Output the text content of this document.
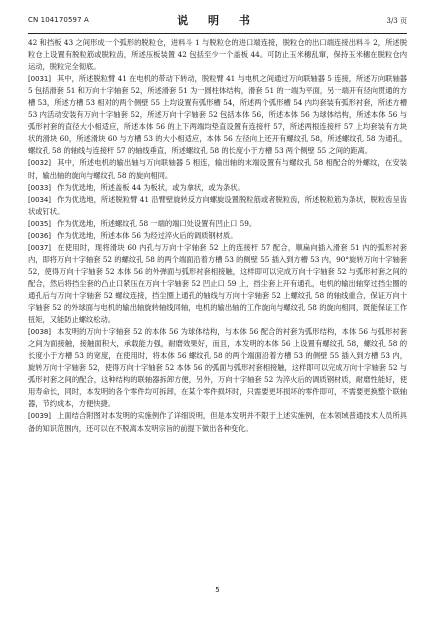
CN 104170597 A	说 明 书	3/3 页

42 和挡板 43 之间形成一个弧形的脱粒仓，进料斗 1 与脱粒仓的进口端连接，脱粒仓的出口端连接出料斗 2，所述脱粒仓上设置有脱粒筋或脱粒齿，所述压板装置 42 包括至少一个盖板 44。可防止玉米穗乱窜，保持玉米穗在脱粒仓内运动，脱粒完全彻底。

[0031] 其中，所述脱粒臂 41 在电机的带动下转动，脱粒臂 41 与电机之间通过万向联轴器 5 连接，所述万向联轴器 5 包括滑套 51 和万向十字轴套 52，所述滑套 51 为一圆柱体结构，滑套 51 的一端为平面，另一端开有径向贯通的方槽 53，所述方槽 53 相对的两个侧壁 55 上均设置有弧形槽 54，所述两个弧形槽 54 内均套装有弧形衬套，所述方槽 53 内活动安装有万向十字轴套 52，所述万向十字轴套 52 包括本体 56，所述本体 56 为球体结构，所述本体 56 与弧形衬套的直径大小相适应，所述本体 56 的上下两端均垫直设置有连接杆 57，所述两根连接杆 57 上均套装有方块状的滑块 60，所述滑块 60 与方槽 53 的大小相适应，本体 56 左径向上还开有螺纹孔 58，所述螺纹孔 58 为通孔，螺纹孔 58 的轴线与连接杆 57 的轴线垂直，所述螺纹孔 58 的长度小于方槽 53 两个侧壁 55 之间的距离。

[0032] 其中，所述电机的输出轴与万向联轴器 5 相连，输出轴的末端设置有与螺纹孔 58 相配合的外螺纹，在安装时，输出轴的旋向与螺纹孔 58 的旋向相同。

[0033] 作为优选地，所述盖板 44 为板状，或为拿状，或为条状。

[0034] 作为优选地，所述脱粒臂 41 沿臂壁旋转反方向螺旋设置脱粒筋或者脱粒齿，所述脱粒筋为条状，脱粒齿呈齿状或钉状。

[0035] 作为优选地，所述螺纹孔 58 一端的端口处设置有凹止口 59。

[0036] 作为优选地，所述本体 56 为经过淬火后的调质钢材质。

[0037] 在使用时，现将滑块 60 内孔与万向十字轴套 52 上的连接杆 57 配合，顺扁向插入滑套 51 内的弧形衬套内，即将万向十字轴套 52 的螺纹孔 58 的两个端面沿着方槽 53 的侧壁 55 插入到方槽 53 内，90°旋转万向十字轴套 52，使得万向十字轴套 52 本体 56 的外弹面与弧形衬套相接触，这样即可以完成万向十字轴套 52 与弧形衬套之间的配合，然后将挡尘套的凸止口紧压在万向十字轴套 52 凹止口 59 上，挡尘套上开有通孔，电机的输出轴穿过挡尘圈的通孔后与万向十字轴套 52 螺纹连接，挡尘圈上通孔的轴线与万向十字轴套 52 上螺纹孔 58 的轴线重合，保证万向十字轴套 52 的外球面与电机的输出轴旋转轴线同轴，电机的输出轴的工作旋向与螺纹孔 58 的旋向相同，既能保证工作扭矩，又能防止螺纹松动。

[0038] 本发明的万向十字轴套 52 的本体 56 为球体结构，与本体 56 配合的衬套为弧形结构，本体 56 与弧形衬套之间为面接触，接触面积大，承载能力强，耐磨效果好，而且，本发明的本体 56 上设置有螺纹孔 58，螺纹孔 58 的长度小于方槽 53 的宽度，在使用时，将本体 56 螺纹孔 58 的两个端面沿着方槽 53 的侧壁 55 插入到方槽 53 内，旋转万向十字轴套 52，使得万向十字轴套 52 本体 56 的弧面与弧形衬套相接触，这样即可以完成万向十字轴套 52 与弧形衬套之间的配合，这种结构的联轴器拆卸方便，另外，万向十字轴套 52 为淬火后的调质钢材质，耐磨性能好，使用寿命长，同时，本发明的各个零件均可拆卸，在某个零件损坏时，只需要更坏损坏的零件即可，不需要更换整个联轴器，节约成本，方便快捷。

[0039] 上面结合附图对本发明的实施例作了详细说明，但是本发明并不限于上述实施例，在本领域普通技术人员所具备的知识范围内，还可以在不脱离本发明宗旨的前提下做出各种变化。

5
